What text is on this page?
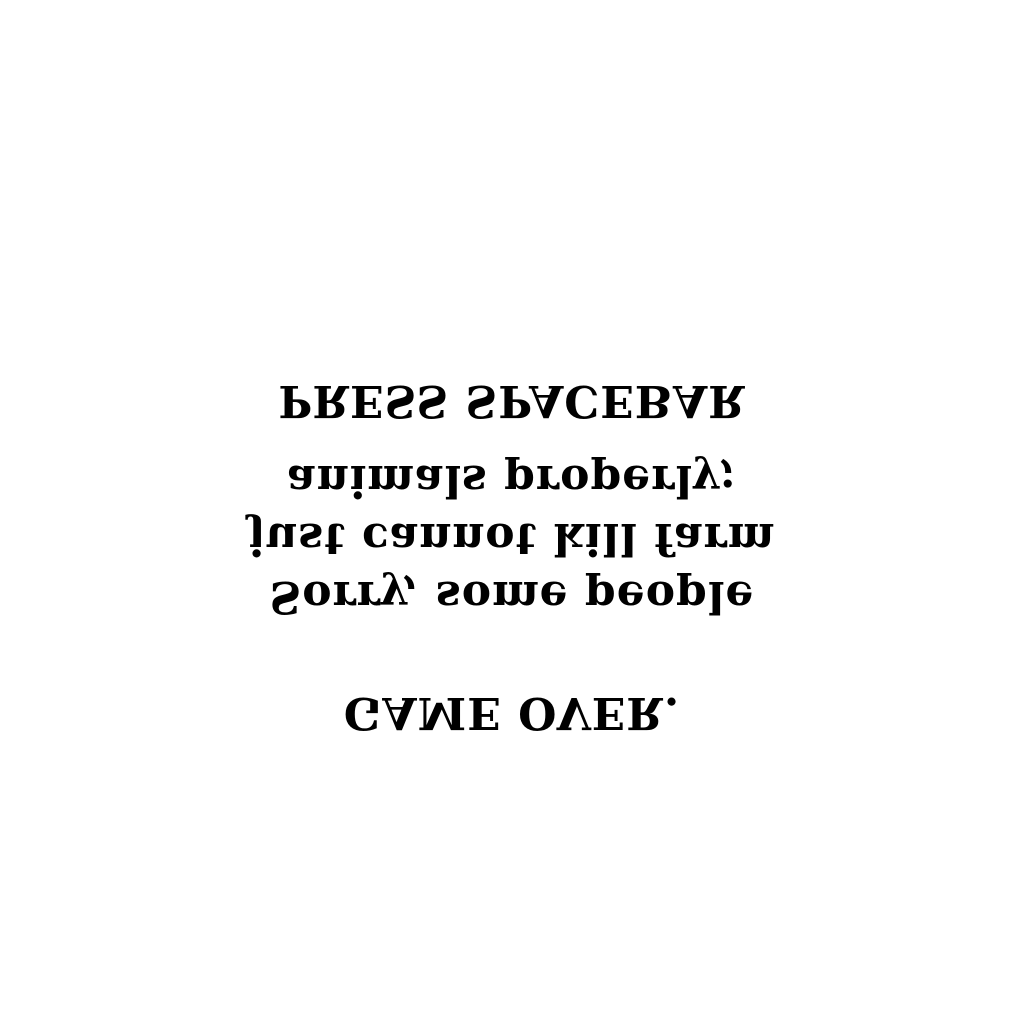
GAME OVER.
Sorry, some people
just cannot kill farm
animals properly;
PRESS SPACEBAR
